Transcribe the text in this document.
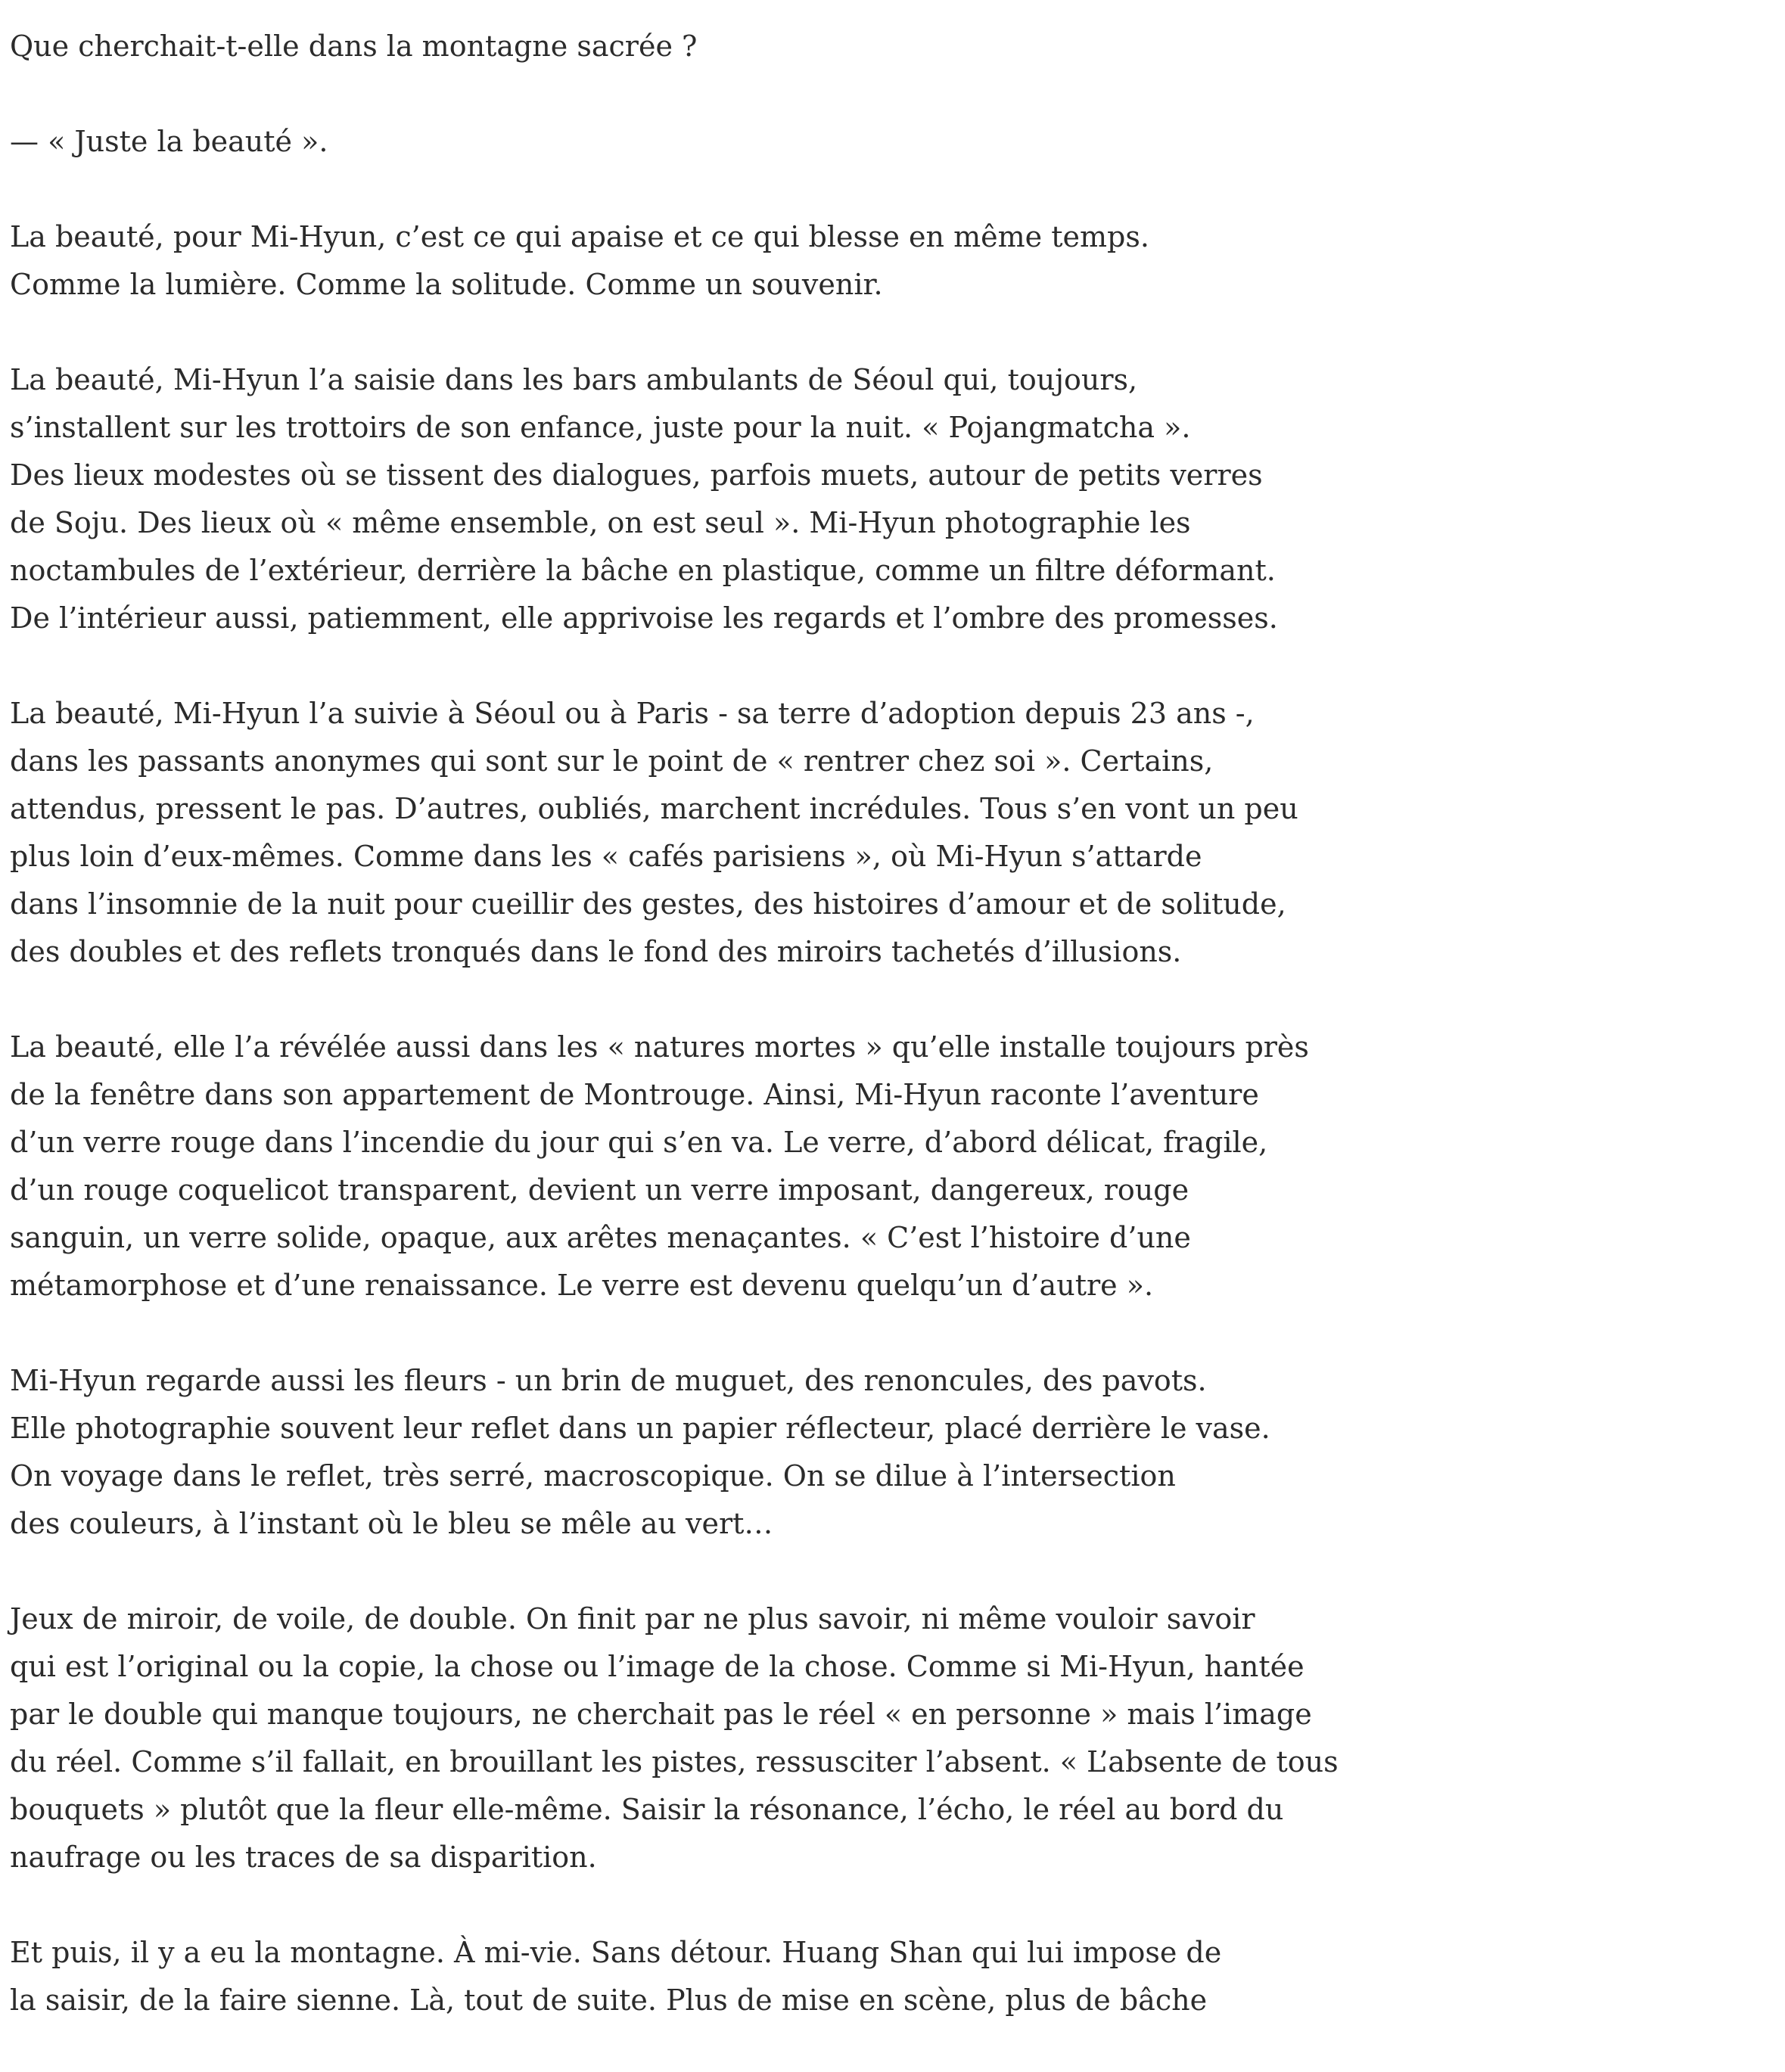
Que cherchait-t-elle dans la montagne sacrée ?

— « Juste la beauté ».

La beauté, pour Mi-Hyun, c’est ce qui apaise et ce qui blesse en même temps.
Comme la lumière. Comme la solitude. Comme un souvenir.

La beauté, Mi-Hyun l’a saisie dans les bars ambulants de Séoul qui, toujours,
s’installent sur les trottoirs de son enfance, juste pour la nuit. « Pojangmatcha ».
Des lieux modestes où se tissent des dialogues, parfois muets, autour de petits verres
de Soju. Des lieux où « même ensemble, on est seul ». Mi-Hyun photographie les
noctambules de l’extérieur, derrière la bâche en plastique, comme un filtre déformant.
De l’intérieur aussi, patiemment, elle apprivoise les regards et l’ombre des promesses.

La beauté, Mi-Hyun l’a suivie à Séoul ou à Paris - sa terre d’adoption depuis 23 ans -,
dans les passants anonymes qui sont sur le point de « rentrer chez soi ». Certains,
attendus, pressent le pas. D’autres, oubliés, marchent incrédules. Tous s’en vont un peu
plus loin d’eux-mêmes. Comme dans les « cafés parisiens », où Mi-Hyun s’attarde
dans l’insomnie de la nuit pour cueillir des gestes, des histoires d’amour et de solitude,
des doubles et des reflets tronqués dans le fond des miroirs tachetés d’illusions.

La beauté, elle l’a révélée aussi dans les « natures mortes » qu’elle installe toujours près
de la fenêtre dans son appartement de Montrouge. Ainsi, Mi-Hyun raconte l’aventure
d’un verre rouge dans l’incendie du jour qui s’en va. Le verre, d’abord délicat, fragile,
d’un rouge coquelicot transparent, devient un verre imposant, dangereux, rouge
sanguin, un verre solide, opaque, aux arêtes menaçantes. « C’est l’histoire d’une
métamorphose et d’une renaissance. Le verre est devenu quelqu’un d’autre ».

Mi-Hyun regarde aussi les fleurs - un brin de muguet, des renoncules, des pavots.
Elle photographie souvent leur reflet dans un papier réflecteur, placé derrière le vase.
On voyage dans le reflet, très serré, macroscopique. On se dilue à l’intersection
des couleurs, à l’instant où le bleu se mêle au vert…

Jeux de miroir, de voile, de double. On finit par ne plus savoir, ni même vouloir savoir
qui est l’original ou la copie, la chose ou l’image de la chose. Comme si Mi-Hyun, hantée
par le double qui manque toujours, ne cherchait pas le réel « en personne » mais l’image
du réel. Comme s’il fallait, en brouillant les pistes, ressusciter l’absent. « L’absente de tous
bouquets » plutôt que la fleur elle-même. Saisir la résonance, l’écho, le réel au bord du
naufrage ou les traces de sa disparition.

Et puis, il y a eu la montagne. À mi-vie. Sans détour. Huang Shan qui lui impose de
la saisir, de la faire sienne. Là, tout de suite. Plus de mise en scène, plus de bâche
